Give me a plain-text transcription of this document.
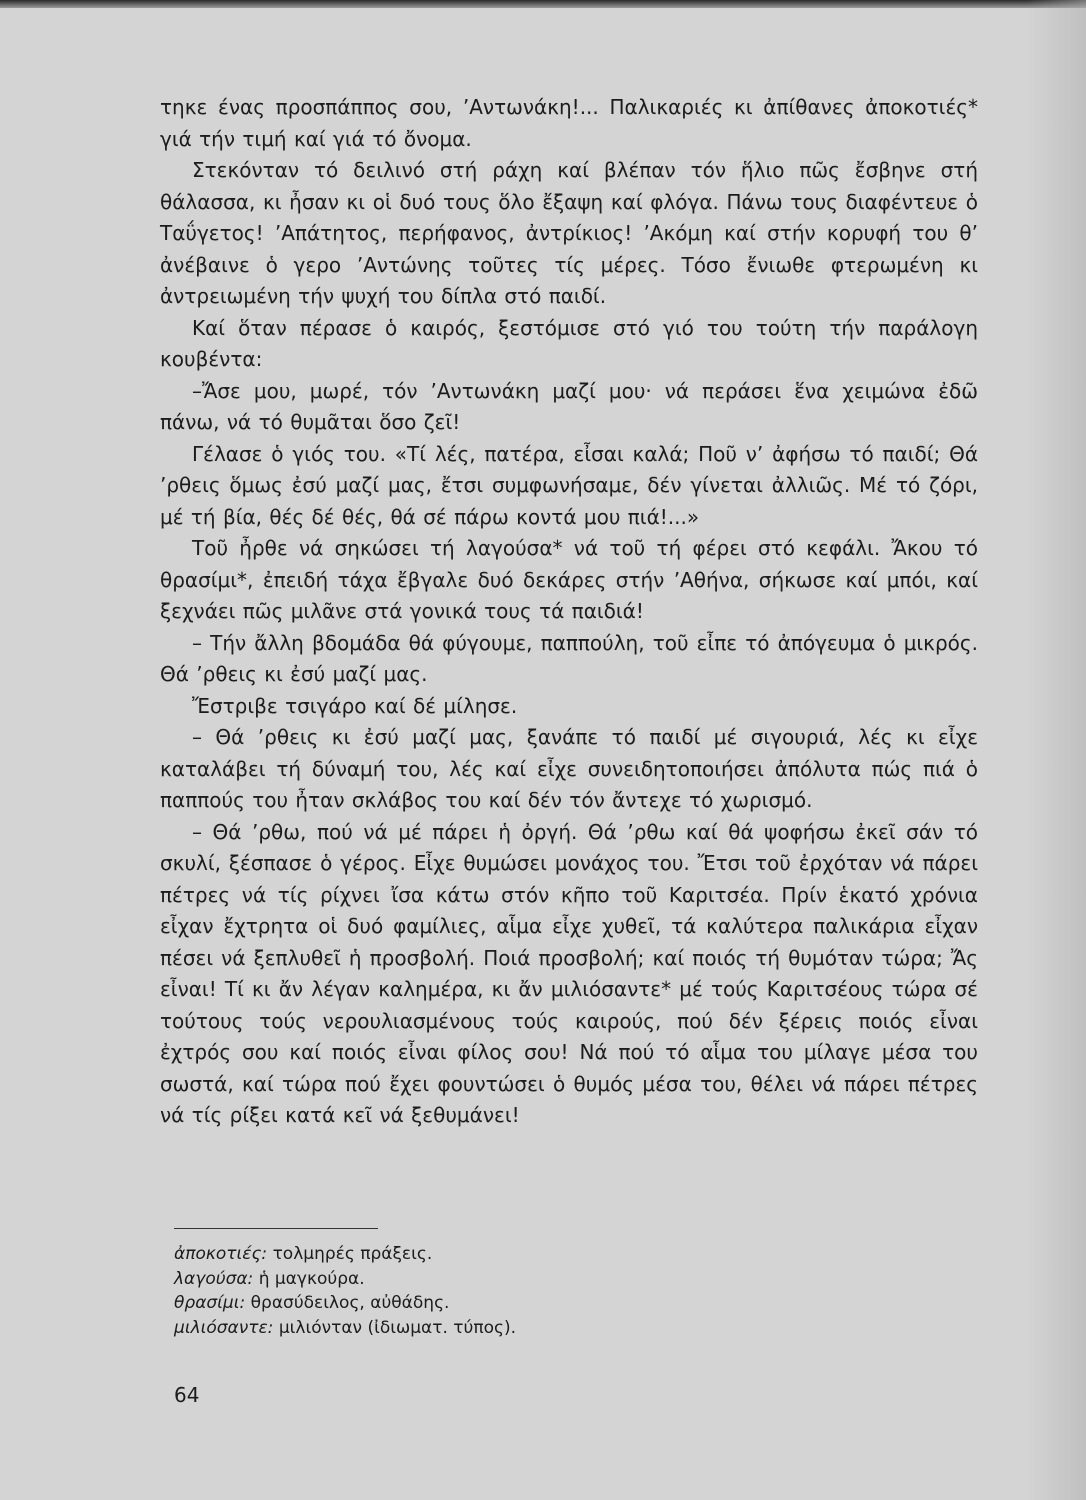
τηκε ένας προσπάππος σου, ’Αντωνάκη!... Παλικαριές κι ἀπίθανες ἀποκοτιές* γιά τήν τιμή καί γιά τό ὄνομα.

Στεκόνταν τό δειλινό στή ράχη καί βλέπαν τόν ἥλιο πῶς ἔσβηνε στή θάλασσα, κι ἦσαν κι οἱ δυό τους ὅλο ἔξαψη καί φλόγα. Πάνω τους διαφέντευε ὁ Ταΰγετος! ’Απάτητος, περήφανος, ἀντρίκιος! ’Ακόμη καί στήν κορυφή του θ’ ἀνέβαινε ὁ γερο ’Αντώνης τοῦτες τίς μέρες. Τόσο ἔνιωθε φτερωμένη κι ἀντρειωμένη τήν ψυχή του δίπλα στό παιδί.

Καί ὅταν πέρασε ὁ καιρός, ξεστόμισε στό γιό του τούτη τήν παράλογη κουβέντα:

–Ἄσε μου, μωρέ, τόν ’Αντωνάκη μαζί μου· νά περάσει ἕνα χειμώνα ἐδῶ πάνω, νά τό θυμᾶται ὅσο ζεῖ!

Γέλασε ὁ γιός του. «Τί λές, πατέρα, εἶσαι καλά; Ποῦ ν’ ἀφήσω τό παιδί; Θά ’ρθεις ὅμως ἐσύ μαζί μας, ἔτσι συμφωνήσαμε, δέν γίνεται ἀλλιῶς. Μέ τό ζόρι, μέ τή βία, θές δέ θές, θά σέ πάρω κοντά μου πιά!...»

Τοῦ ἦρθε νά σηκώσει τή λαγούσα* νά τοῦ τή φέρει στό κεφάλι. Ἄκου τό θρασίμι*, ἐπειδή τάχα ἔβγαλε δυό δεκάρες στήν ’Αθήνα, σήκωσε καί μπόι, καί ξεχνάει πῶς μιλᾶνε στά γονικά τους τά παιδιά!

– Τήν ἄλλη βδομάδα θά φύγουμε, παππούλη, τοῦ εἶπε τό ἀπόγευμα ὁ μικρός. Θά ’ρθεις κι ἐσύ μαζί μας.

Ἔστριβε τσιγάρο καί δέ μίλησε.

– Θά ’ρθεις κι ἐσύ μαζί μας, ξανάπε τό παιδί μέ σιγουριά, λές κι εἶχε καταλάβει τή δύναμή του, λές καί εἶχε συνειδητοποιήσει ἀπόλυτα πώς πιά ὁ παππούς του ἦταν σκλάβος του καί δέν τόν ἄντεχε τό χωρισμό.

– Θά ’ρθω, πού νά μέ πάρει ἡ ὀργή. Θά ’ρθω καί θά ψοφήσω ἐκεῖ σάν τό σκυλί, ξέσπασε ὁ γέρος. Εἶχε θυμώσει μονάχος του. Ἔτσι τοῦ ἐρχόταν νά πάρει πέτρες νά τίς ρίχνει ἴσα κάτω στόν κῆπο τοῦ Καριτσέα. Πρίν ἑκατό χρόνια εἶχαν ἔχτρητα οἱ δυό φαμίλιες, αἷμα εἶχε χυθεῖ, τά καλύτερα παλικάρια εἶχαν πέσει νά ξεπλυθεῖ ἡ προσβολή. Ποιά προσβολή; καί ποιός τή θυμόταν τώρα; Ἄς εἶναι! Τί κι ἄν λέγαν καλημέρα, κι ἄν μιλιόσαντε* μέ τούς Καριτσέους τώρα σέ τούτους τούς νερουλιασμένους τούς καιρούς, πού δέν ξέρεις ποιός εἶναι ἐχτρός σου καί ποιός εἶναι φίλος σου! Νά πού τό αἷμα του μίλαγε μέσα του σωστά, καί τώρα πού ἔχει φουντώσει ὁ θυμός μέσα του, θέλει νά πάρει πέτρες νά τίς ρίξει κατά κεῖ νά ξεθυμάνει!

ἀποκοτιές: τολμηρές πράξεις.
λαγούσα: ἡ μαγκούρα.
θρασίμι: θρασύδειλος, αὐθάδης.
μιλιόσαντε: μιλιόνταν (ἰδιωματ. τύπος).
64
